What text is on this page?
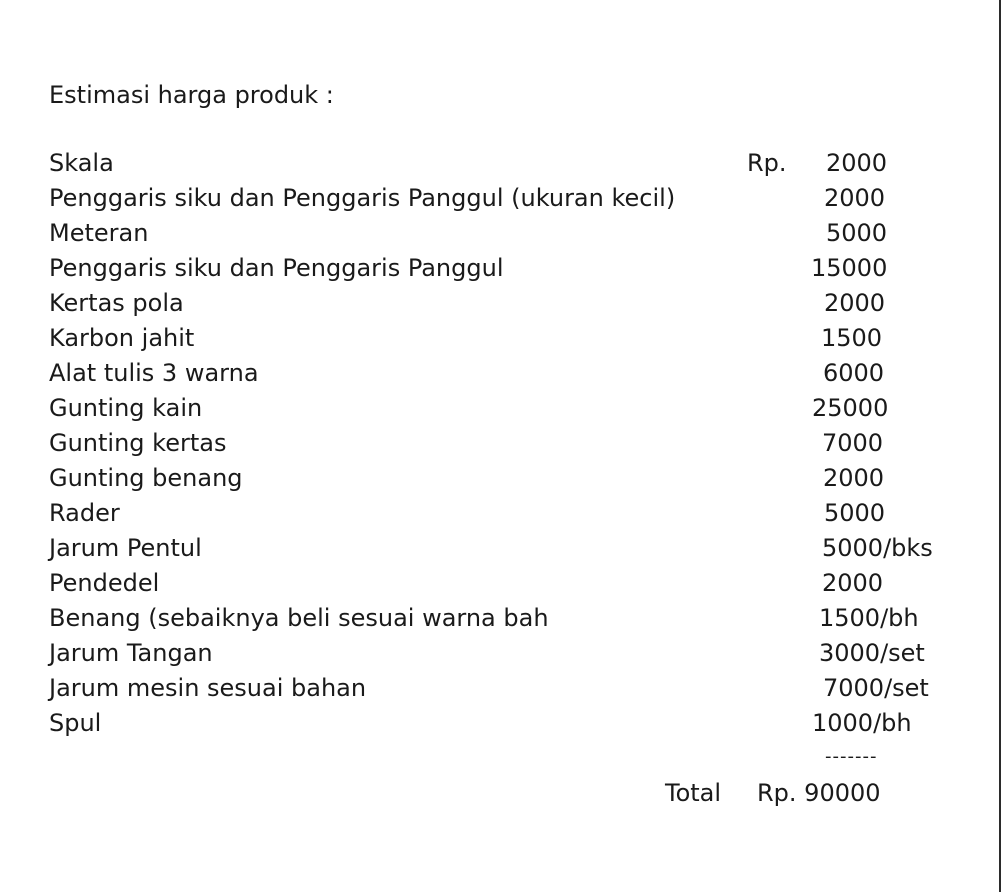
Estimasi harga produk :
Skala	Rp. 2000
Penggaris siku dan Penggaris Panggul (ukuran kecil)	2000
Meteran	5000
Penggaris siku dan Penggaris Panggul	15000
Kertas pola	2000
Karbon jahit	1500
Alat tulis 3 warna	6000
Gunting kain	25000
Gunting kertas	7000
Gunting benang	2000
Rader	5000
Jarum Pentul	5000/bks
Pendedel	2000
Benang (sebaiknya beli sesuai warna bah	1500/bh
Jarum Tangan	3000/set
Jarum mesin sesuai bahan	7000/set
Spul	1000/bh
-------
Total Rp. 90000
